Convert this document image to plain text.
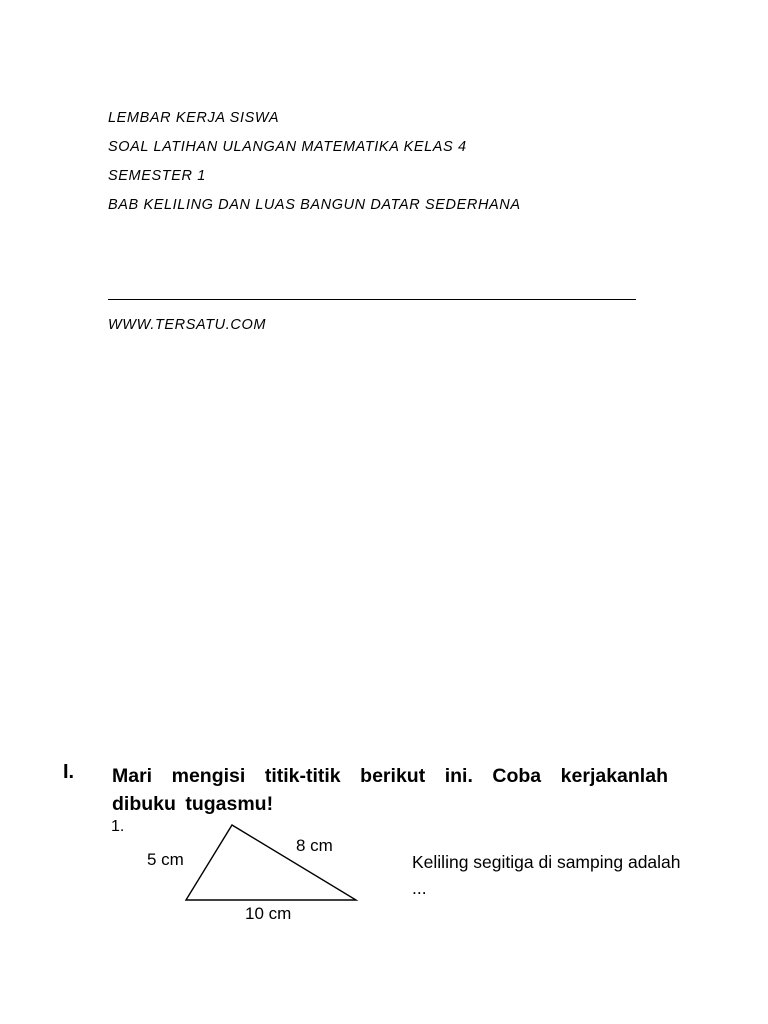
LEMBAR KERJA SISWA
SOAL LATIHAN ULANGAN MATEMATIKA KELAS 4
SEMESTER 1
BAB KELILING DAN LUAS BANGUN DATAR SEDERHANA
WWW.TERSATU.COM
I. Mari mengisi titik-titik berikut ini. Coba kerjakanlah dibuku tugasmu!
1.
5 cm
8 cm
10 cm
Keliling segitiga di samping adalah ...
